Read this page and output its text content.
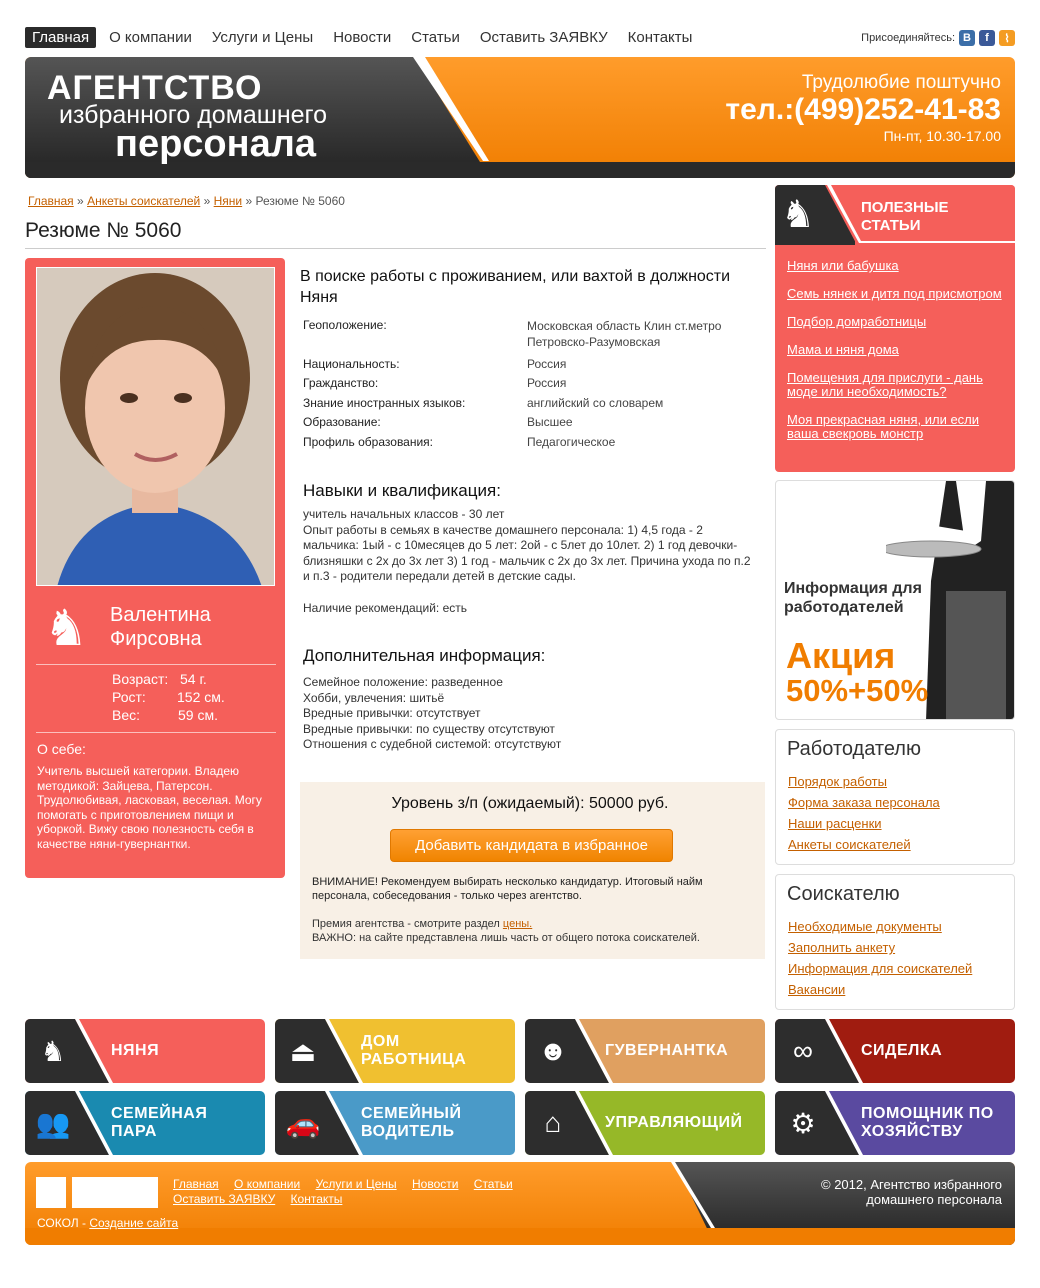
Главная	О компании	Услуги и Цены	Новости	Статьи	Оставить ЗАЯВКУ	Контакты	Присоединяйтесь: B	f	⌇
АГЕНТСТВО
избранного домашнего
персонала
Трудолюбие поштучно
тел.:(499)252-41-83
Пн-пт, 10.30-17.00
Главная » Анкеты соискателей » Няни » Резюме № 5060
Резюме № 5060
♞	Валентина Фирсовна
Возраст: 54 г.
Рост: 152 см.
Вес:	59 см.
О себе:
Учитель высшей категории. Владею методикой: Зайцева, Патерсон. Трудолюбивая, ласковая, веселая. Могу помогать с приготовлением пищи и уборкой. Вижу свою полезность себя в качестве няни-гувернантки.
В поиске работы с проживанием, или вахтой в должности Няня
Геоположение:	Московская область Клин ст.метро Петровско-Разумовская
Национальность:	Россия
Гражданство:	Россия
Знание иностранных языков:	английский со словарем
Образование:	Высшее
Профиль образования:	Педагогическое
Навыки и квалификация:
учитель начальных классов - 30 лет
Опыт работы в семьях в качестве домашнего персонала: 1) 4,5 года - 2 мальчика: 1ый - с 10месяцев до 5 лет: 2ой - с 5лет до 10лет. 2) 1 год девочки-близняшки с 2х до 3х лет 3) 1 год - мальчик с 2х до 3х лет. Причина ухода по п.2 и п.3 - родители передали детей в детские сады.

Наличие рекомендаций: есть
Дополнительная информация:
Семейное положение: разведенное
Хобби, увлечения: шитьё
Вредные привычки: отсутствует
Вредные привычки: по существу отсутствуют
Отношения с судебной системой: отсутствуют
Уровень з/п (ожидаемый): 50000 руб.
Добавить кандидата в избранное
ВНИМАНИЕ! Рекомендуем выбирать несколько кандидатур. Итоговый найм персонала, собеседования - только через агентство.
Премия агентства - смотрите раздел цены.
ВАЖНО: на сайте представлена лишь часть от общего потока соискателей.
♞	ПОЛЕЗНЫЕ
СТАТЬИ
Няня или бабушка
Семь нянек и дитя под присмотром
Подбор домработницы
Мама и няня дома
Помещения для прислуги - дань моде или необходимость?
Моя прекрасная няня, или если ваша свекровь монстр
Информация для работодателей
Акция
50%+50%
Работодателю
Порядок работы
Форма заказа персонала
Наши расценки
Анкеты соискателей
Соискателю
Необходимые документы
Заполнить анкету
Информация для соискателей
Вакансии
♞	НЯНЯ	⏏	ДОМ РАБОТНИЦА	☻	ГУВЕРНАНТКА	∞	СИДЕЛКА
👥	СЕМЕЙНАЯ ПАРА	🚗	СЕМЕЙНЫЙ ВОДИТЕЛЬ	⌂	УПРАВЛЯЮЩИЙ ⚙	ПОМОЩНИК ПО ХОЗЯЙСТВУ
Главная О компании Услуги и Цены Новости Статьи
Оставить ЗАЯВКУ Контакты
СОКОЛ - Создание сайта
© 2012, Агентство избранного
домашнего персонала
